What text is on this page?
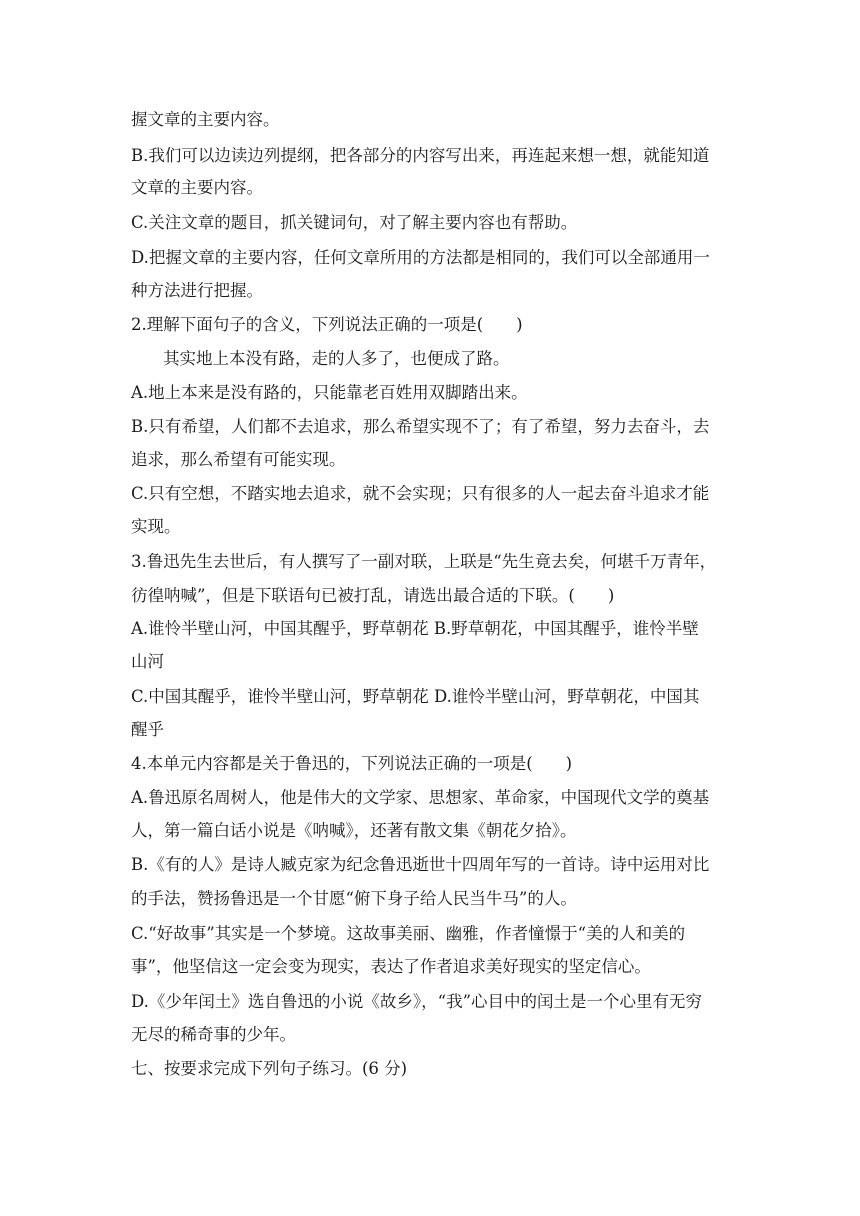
握文章的主要内容。
B.我们可以边读边列提纲，把各部分的内容写出来，再连起来想一想，就能知道
文章的主要内容。
C.关注文章的题目，抓关键词句，对了解主要内容也有帮助。
D.把握文章的主要内容，任何文章所用的方法都是相同的，我们可以全部通用一
种方法进行把握。
2.理解下面句子的含义，下列说法正确的一项是(　　)
其实地上本没有路，走的人多了，也便成了路。
A.地上本来是没有路的，只能靠老百姓用双脚踏出来。
B.只有希望，人们都不去追求，那么希望实现不了；有了希望，努力去奋斗，去
追求，那么希望有可能实现。
C.只有空想，不踏实地去追求，就不会实现；只有很多的人一起去奋斗追求才能
实现。
3.鲁迅先生去世后，有人撰写了一副对联，上联是“先生竟去矣，何堪千万青年，
彷徨呐喊”，但是下联语句已被打乱，请选出最合适的下联。(　　)
A.谁怜半壁山河，中国其醒乎，野草朝花 B.野草朝花，中国其醒乎，谁怜半壁
山河
C.中国其醒乎，谁怜半壁山河，野草朝花 D.谁怜半壁山河，野草朝花，中国其
醒乎
4.本单元内容都是关于鲁迅的，下列说法正确的一项是(　　)
A.鲁迅原名周树人，他是伟大的文学家、思想家、革命家，中国现代文学的奠基
人，第一篇白话小说是《呐喊》，还著有散文集《朝花夕拾》。
B.《有的人》是诗人臧克家为纪念鲁迅逝世十四周年写的一首诗。诗中运用对比
的手法，赞扬鲁迅是一个甘愿“俯下身子给人民当牛马”的人。
C.“好故事”其实是一个梦境。这故事美丽、幽雅，作者憧憬于“美的人和美的
事”，他坚信这一定会变为现实，表达了作者追求美好现实的坚定信心。
D.《少年闰土》选自鲁迅的小说《故乡》，“我”心目中的闰土是一个心里有无穷
无尽的稀奇事的少年。
七、按要求完成下列句子练习。(6 分)
